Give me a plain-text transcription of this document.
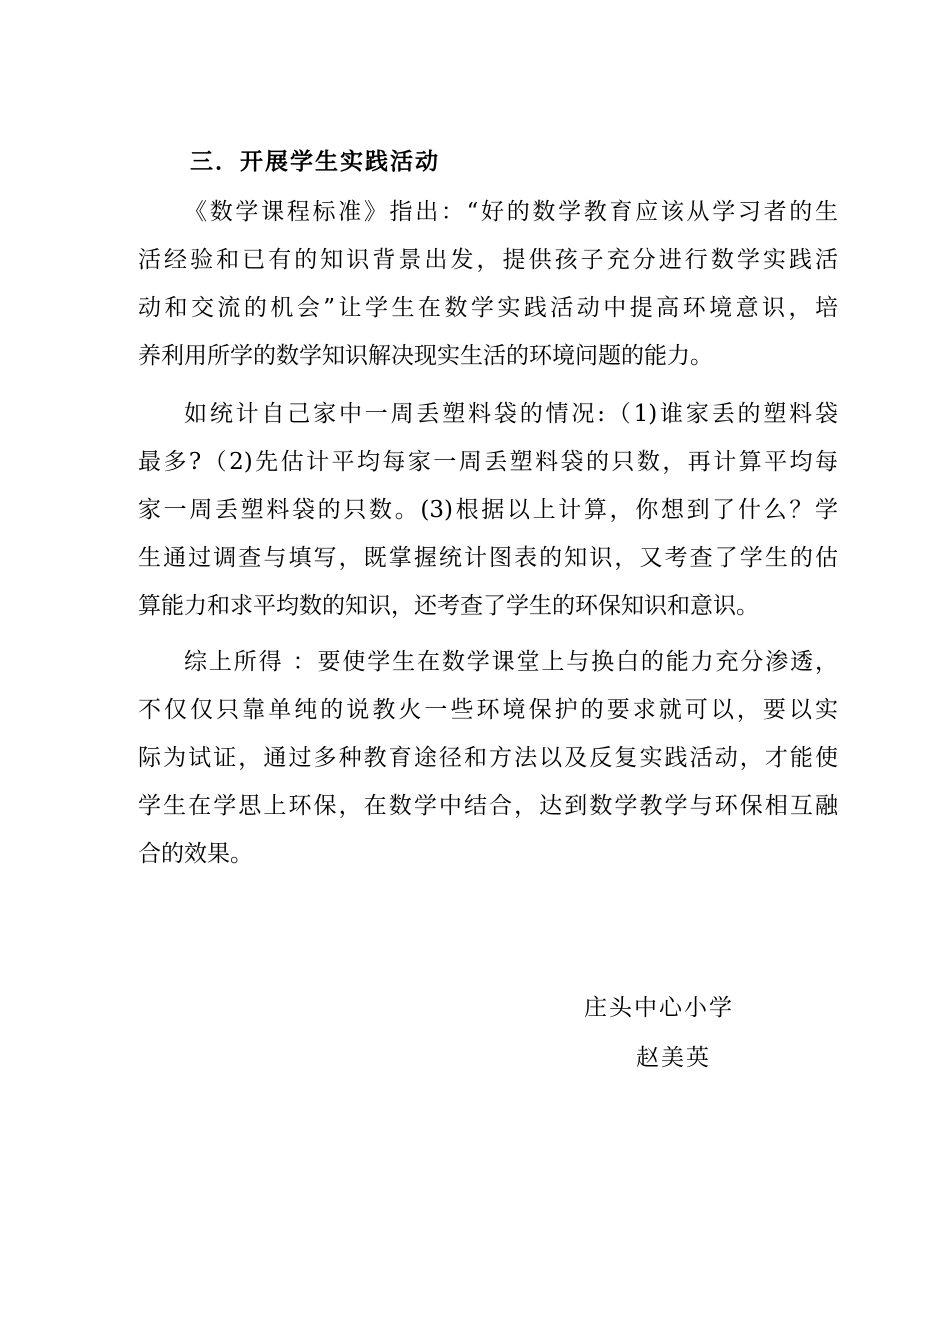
三．开展学生实践活动
《数学课程标准》指出：“好的数学教育应该从学习者的生
活经验和已有的知识背景出发，提供孩子充分进行数学实践活
动和交流的机会”让学生在数学实践活动中提高环境意识，培
养利用所学的数学知识解决现实生活的环境问题的能力。
如统计自己家中一周丢塑料袋的情况:（1)谁家丢的塑料袋
最多?（2)先估计平均每家一周丢塑料袋的只数，再计算平均每
家一周丢塑料袋的只数。(3)根据以上计算，你想到了什么？学
生通过调查与填写，既掌握统计图表的知识，又考查了学生的估
算能力和求平均数的知识，还考查了学生的环保知识和意识。
综上所得 ：要使学生在数学课堂上与换白的能力充分渗透，
不仅仅只靠单纯的说教火一些环境保护的要求就可以，要以实
际为试证，通过多种教育途径和方法以及反复实践活动，才能使
学生在学思上环保，在数学中结合，达到数学教学与环保相互融
合的效果。
庄头中心小学
赵美英
